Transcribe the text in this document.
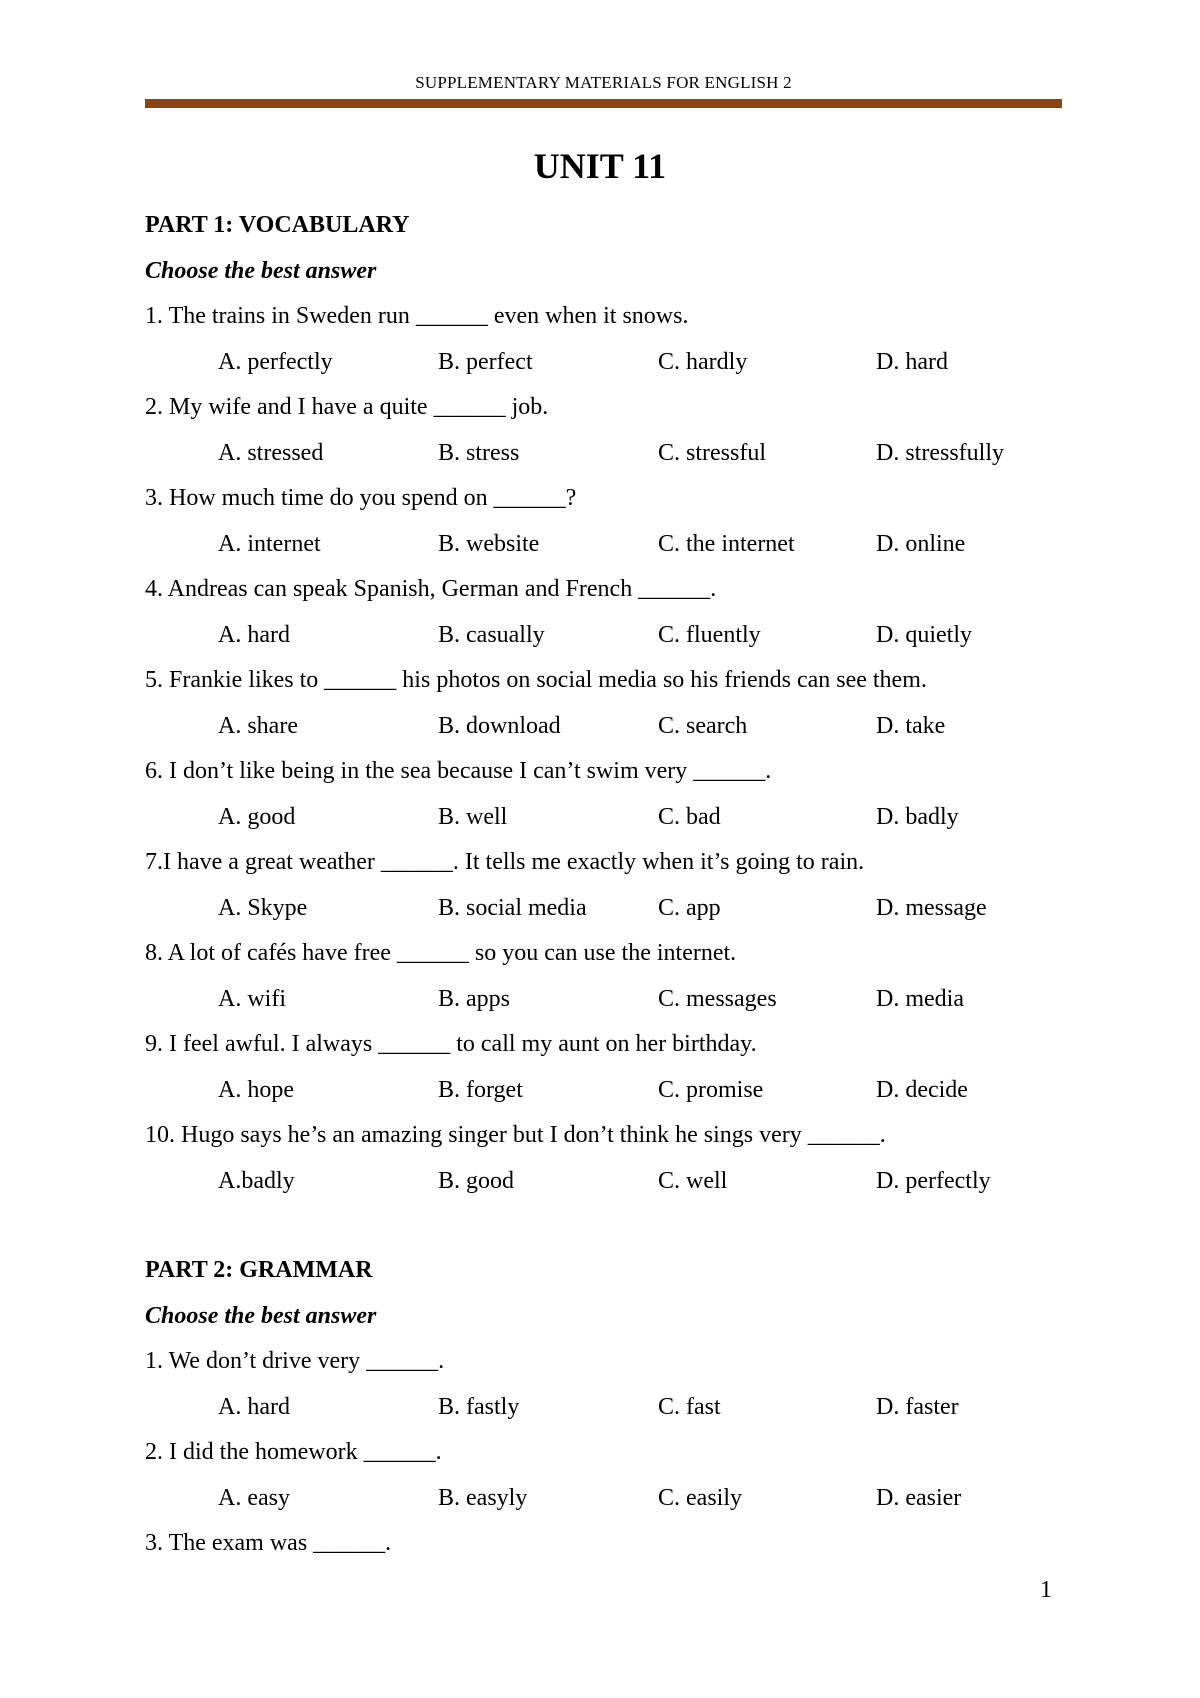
SUPPLEMENTARY MATERIALS FOR ENGLISH 2
UNIT 11
PART 1: VOCABULARY
Choose the best answer
1. The trains in Sweden run ______ even when it snows.
A. perfectly	B. perfect	C. hardly	D. hard
2. My wife and I have a quite ______ job.
A. stressed	B. stress	C. stressful	D. stressfully
3. How much time do you spend on ______?
A. internet	B. website	C. the internet	D. online
4. Andreas can speak Spanish, German and French ______.
A. hard	B. casually	C. fluently	D. quietly
5. Frankie likes to ______ his photos on social media so his friends can see them.
A. share	B. download	C. search	D. take
6. I don’t like being in the sea because I can’t swim very ______.
A. good	B. well	C. bad	D. badly
7.I have a great weather ______. It tells me exactly when it’s going to rain.
A. Skype	B. social media	C. app	D. message
8. A lot of cafés have free ______ so you can use the internet.
A. wifi	B. apps	C. messages	D. media
9. I feel awful. I always ______ to call my aunt on her birthday.
A. hope	B. forget	C. promise	D. decide
10. Hugo says he’s an amazing singer but I don’t think he sings very ______.
A.badly	B. good	C. well	D. perfectly
PART 2: GRAMMAR
Choose the best answer
1. We don’t drive very ______.
A. hard	B. fastly	C. fast	D. faster
2. I did the homework ______.
A. easy	B. easyly	C. easily	D. easier
3. The exam was ______.
1
